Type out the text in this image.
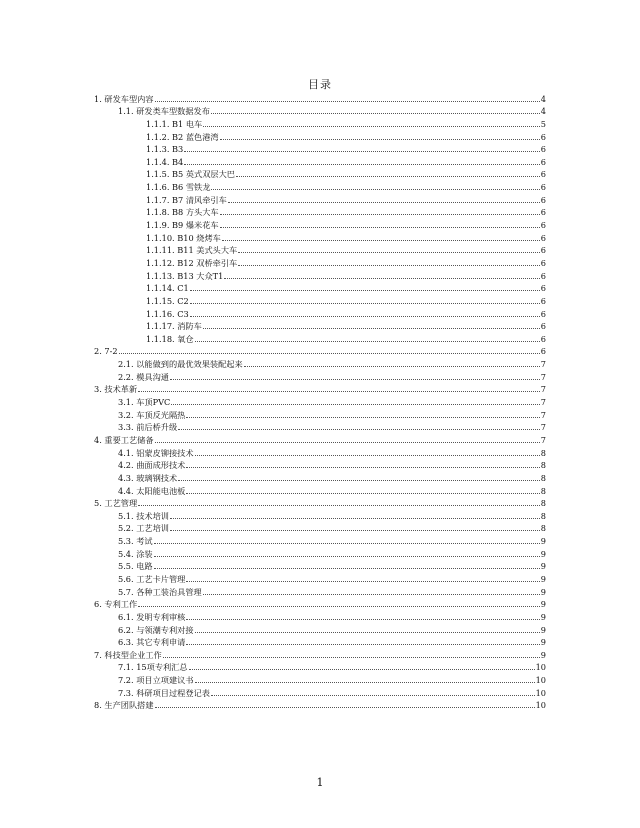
目录
1. 研发车型内容	4
1.1. 研发类车型数据发布	4
1.1.1. B1 电车	5
1.1.2. B2 蓝色港湾	6
1.1.3. B3	6
1.1.4. B4	6
1.1.5. B5 英式双层大巴	6
1.1.6. B6 雪铁龙	6
1.1.7. B7 清风牵引车	6
1.1.8. B8 方头大车	6
1.1.9. B9 爆米花车	6
1.1.10. B10 烧烤车	6
1.1.11. B11 美式头大车	6
1.1.12. B12 双桥牵引车	6
1.1.13. B13 大众T1	6
1.1.14. C1	6
1.1.15. C2	6
1.1.16. C3	6
1.1.17. 消防车	6
1.1.18. 氧仓	6
2. 7-2	6
2.1. 以能做到的最优效果装配起来	7
2.2. 模具沟通	7
3. 技术革新	7
3.1. 车顶PVC	7
3.2. 车顶反光隔热	7
3.3. 前后桥升级	7
4. 重要工艺储备	7
4.1. 铝蒙皮铆接技术	8
4.2. 曲面成形技术	8
4.3. 玻璃钢技术	8
4.4. 太阳能电池板	8
5. 工艺管理	8
5.1. 技术培训	8
5.2. 工艺培训	8
5.3. 考试	9
5.4. 涂装	9
5.5. 电路	9
5.6. 工艺卡片管理	9
5.7. 各种工装治具管理	9
6. 专利工作	9
6.1. 发明专利审核	9
6.2. 与领潮专利对接	9
6.3. 其它专利申请	9
7. 科技型企业工作	9
7.1. 15项专利汇总	10
7.2. 项目立项建议书	10
7.3. 科研项目过程登记表	10
8. 生产团队搭建	10
1
